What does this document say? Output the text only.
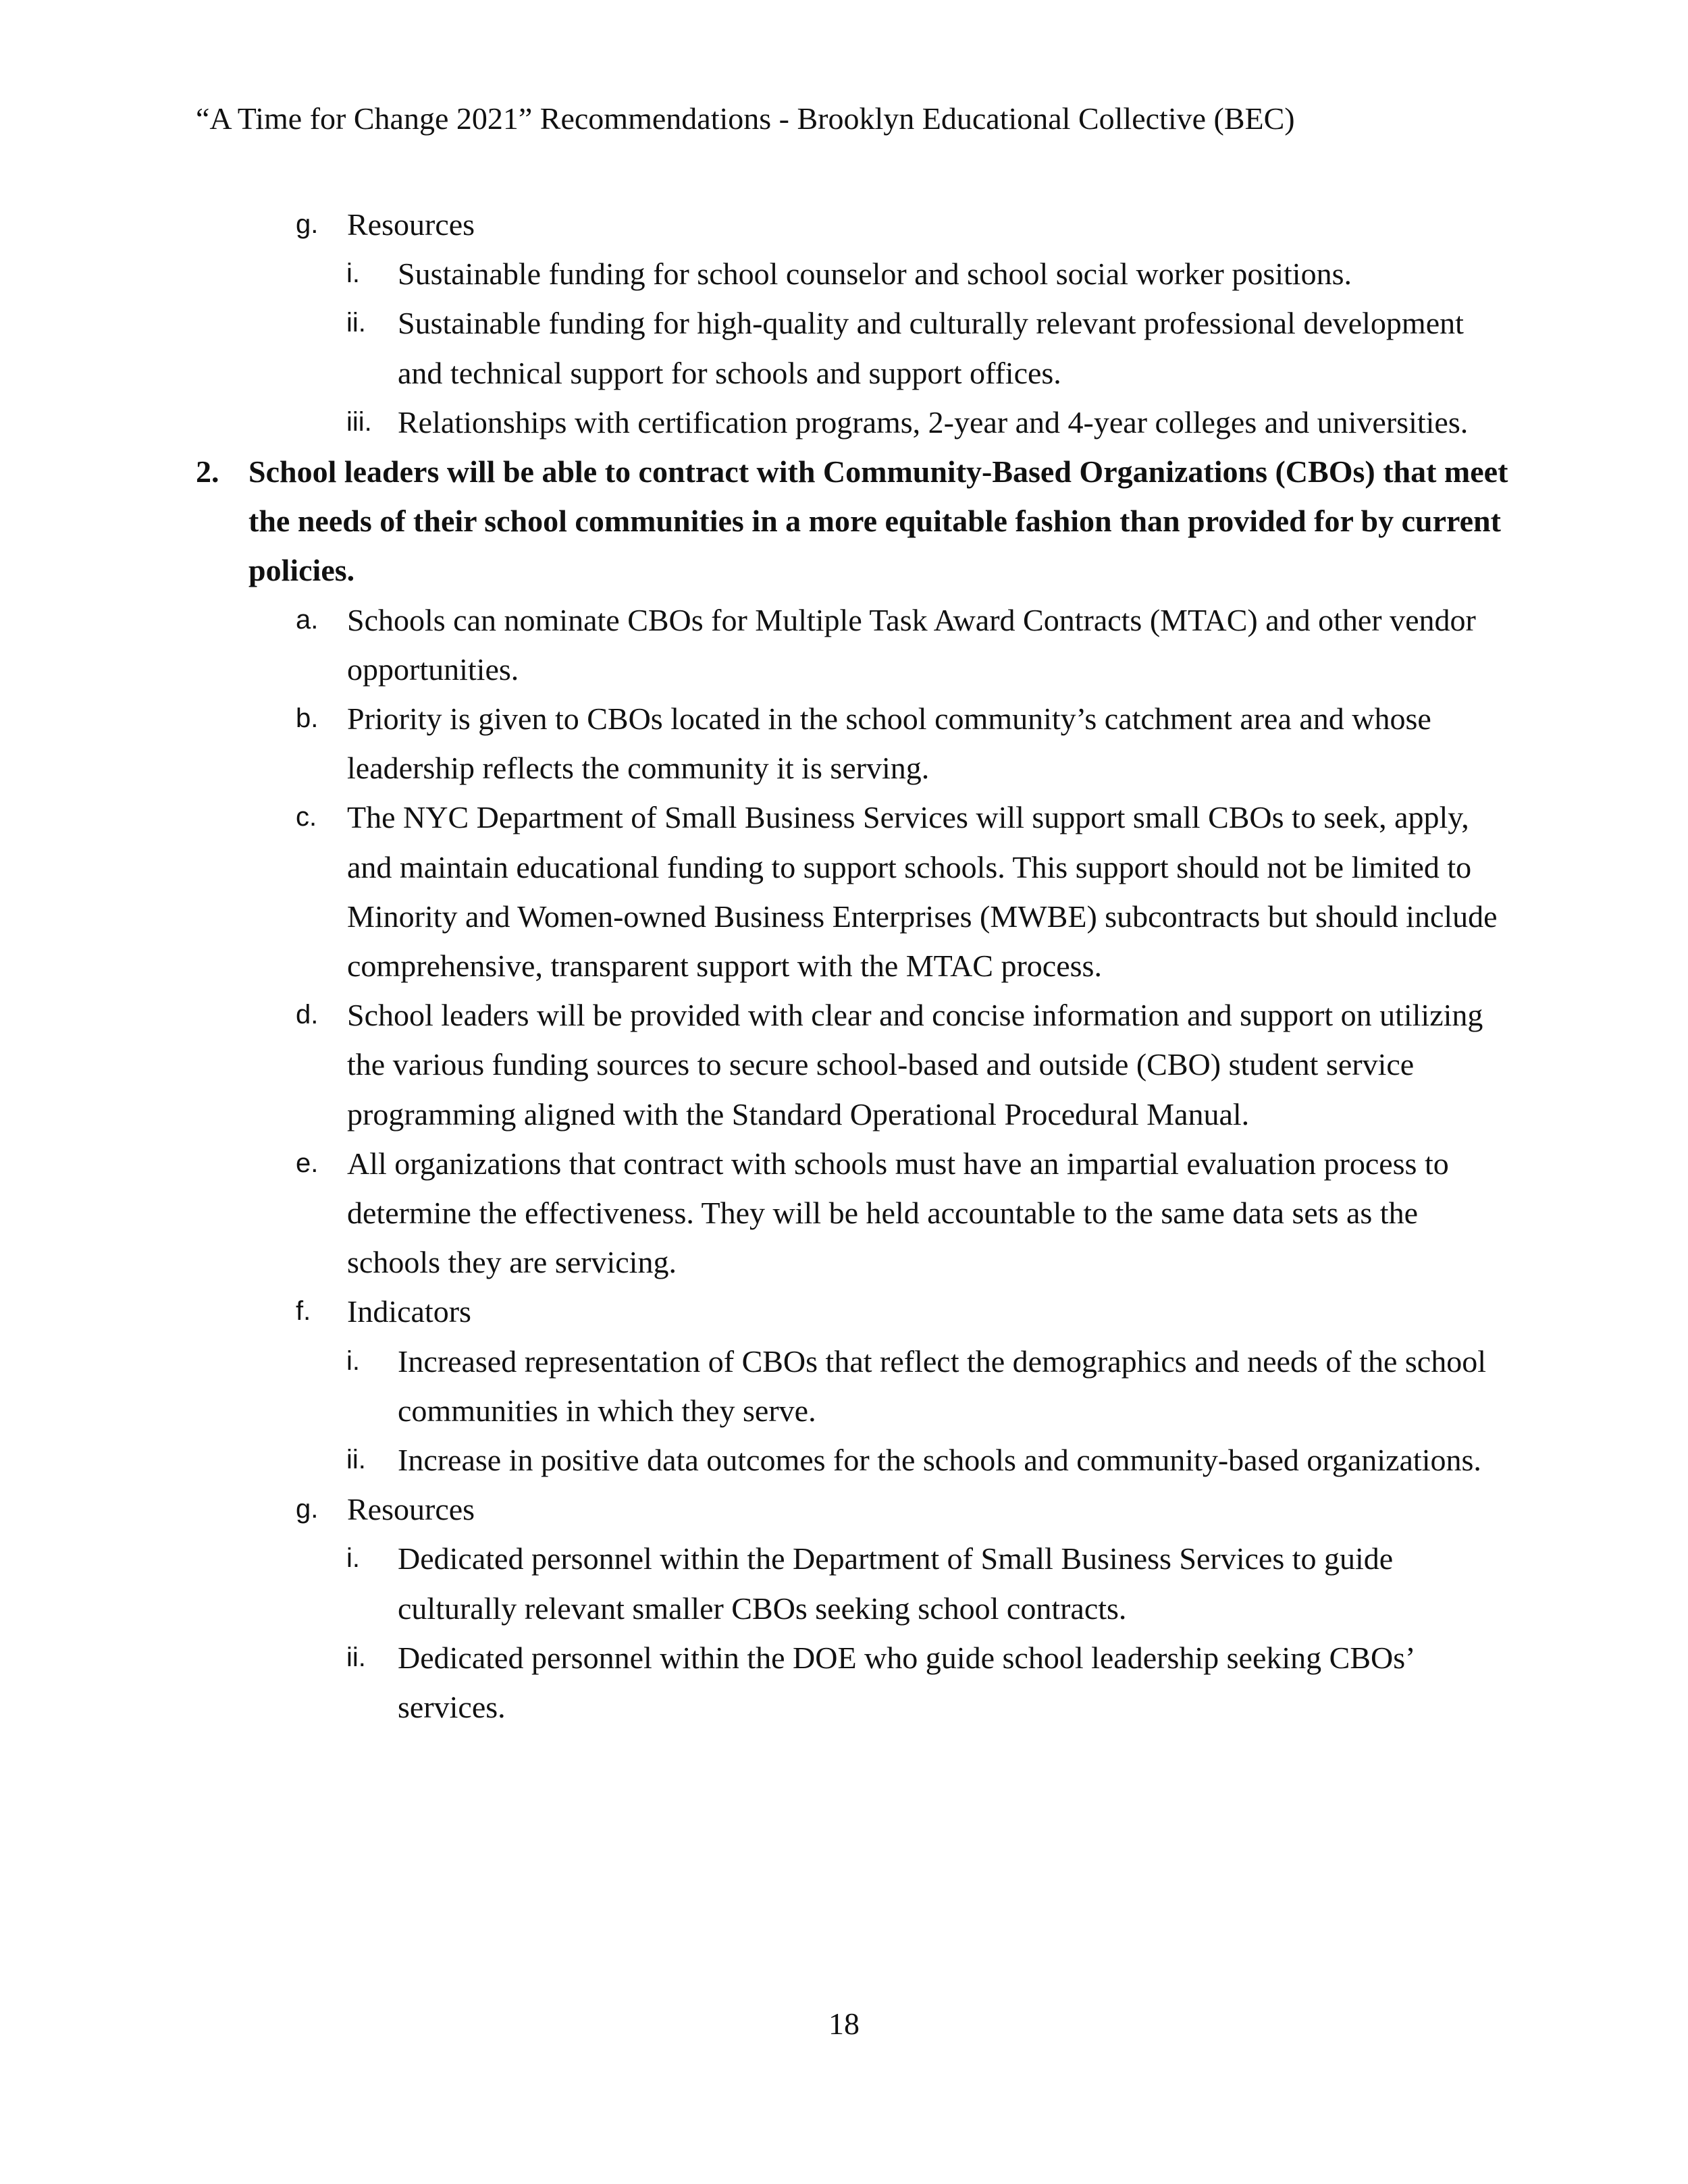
“A Time for Change 2021” Recommendations - Brooklyn Educational Collective (BEC)
g. Resources
i. Sustainable funding for school counselor and school social worker positions.
ii. Sustainable funding for high-quality and culturally relevant professional development and technical support for schools and support offices.
iii. Relationships with certification programs, 2-year and 4-year colleges and universities.
2. School leaders will be able to contract with Community-Based Organizations (CBOs) that meet the needs of their school communities in a more equitable fashion than provided for by current policies.
a. Schools can nominate CBOs for Multiple Task Award Contracts (MTAC) and other vendor opportunities.
b. Priority is given to CBOs located in the school community’s catchment area and whose leadership reflects the community it is serving.
c. The NYC Department of Small Business Services will support small CBOs to seek, apply, and maintain educational funding to support schools. This support should not be limited to Minority and Women-owned Business Enterprises (MWBE) subcontracts but should include comprehensive, transparent support with the MTAC process.
d. School leaders will be provided with clear and concise information and support on utilizing the various funding sources to secure school-based and outside (CBO) student service programming aligned with the Standard Operational Procedural Manual.
e. All organizations that contract with schools must have an impartial evaluation process to determine the effectiveness. They will be held accountable to the same data sets as the schools they are servicing.
f. Indicators
i. Increased representation of CBOs that reflect the demographics and needs of the school communities in which they serve.
ii. Increase in positive data outcomes for the schools and community-based organizations.
g. Resources
i. Dedicated personnel within the Department of Small Business Services to guide culturally relevant smaller CBOs seeking school contracts.
ii. Dedicated personnel within the DOE who guide school leadership seeking CBOs’ services.
18
